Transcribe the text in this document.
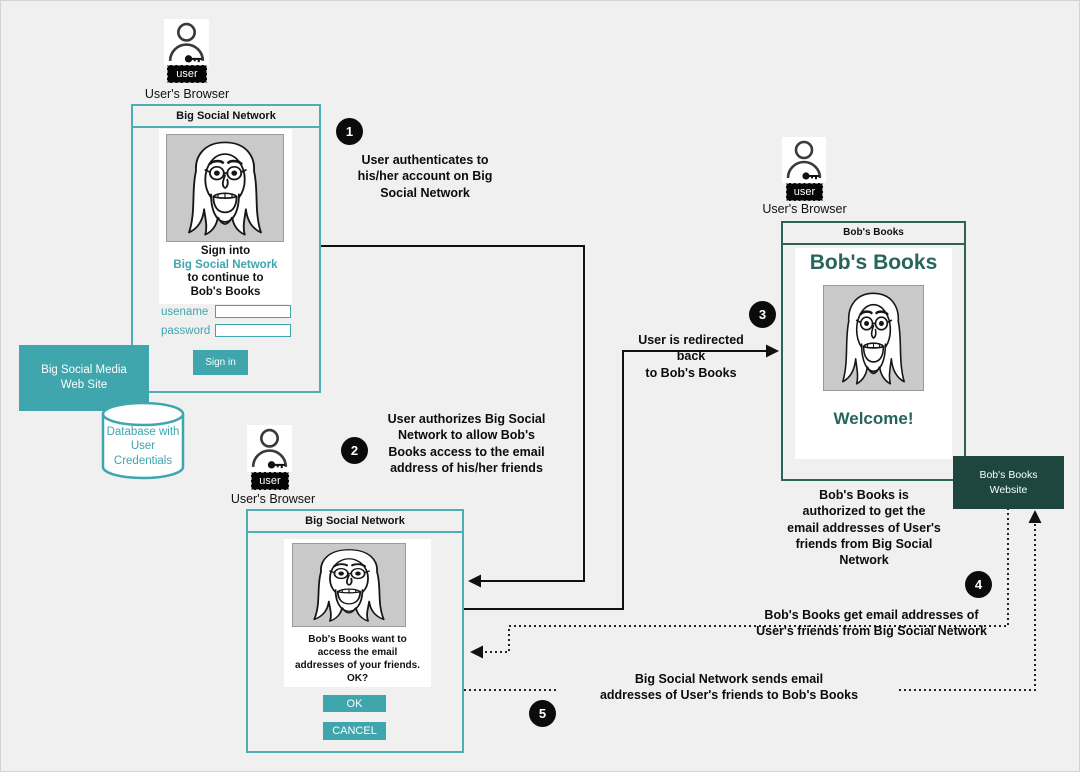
user
User's Browser
Big Social Network
Sign into
Big Social Network
to continue to
Bob's Books
usename
password
Sign in
1
User authenticates to
his/her account on Big
Social Network
Big Social Media
Web Site
Database with
User
Credentials
2
User authorizes Big Social
Network to allow Bob's
Books access to the email
address of his/her friends
user
User's Browser
Big Social Network
Bob's Books want to
access the email
addresses of your friends.
OK?
OK
CANCEL
user
User's Browser
Bob's Books
Bob's Books
Welcome!
3
User is redirected
back
to Bob's Books
Bob's Books
Website
Bob's Books is
authorized to get the
email addresses of User's
friends from Big Social
Network
4
Bob's Books get email addresses of
User's friends from Big Social Network
Big Social Network sends email
addresses of User's friends to Bob's Books
5
